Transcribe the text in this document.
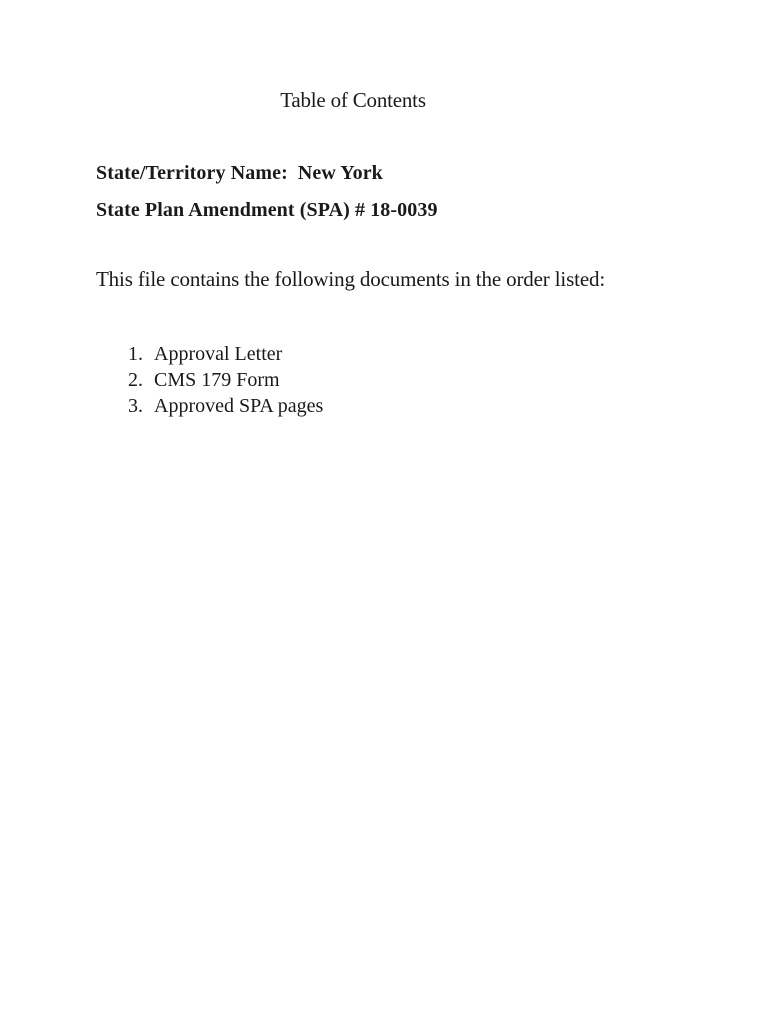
Table of Contents
State/Territory Name: New York
State Plan Amendment (SPA) # 18-0039
This file contains the following documents in the order listed:
1. Approval Letter
2. CMS 179 Form
3. Approved SPA pages
